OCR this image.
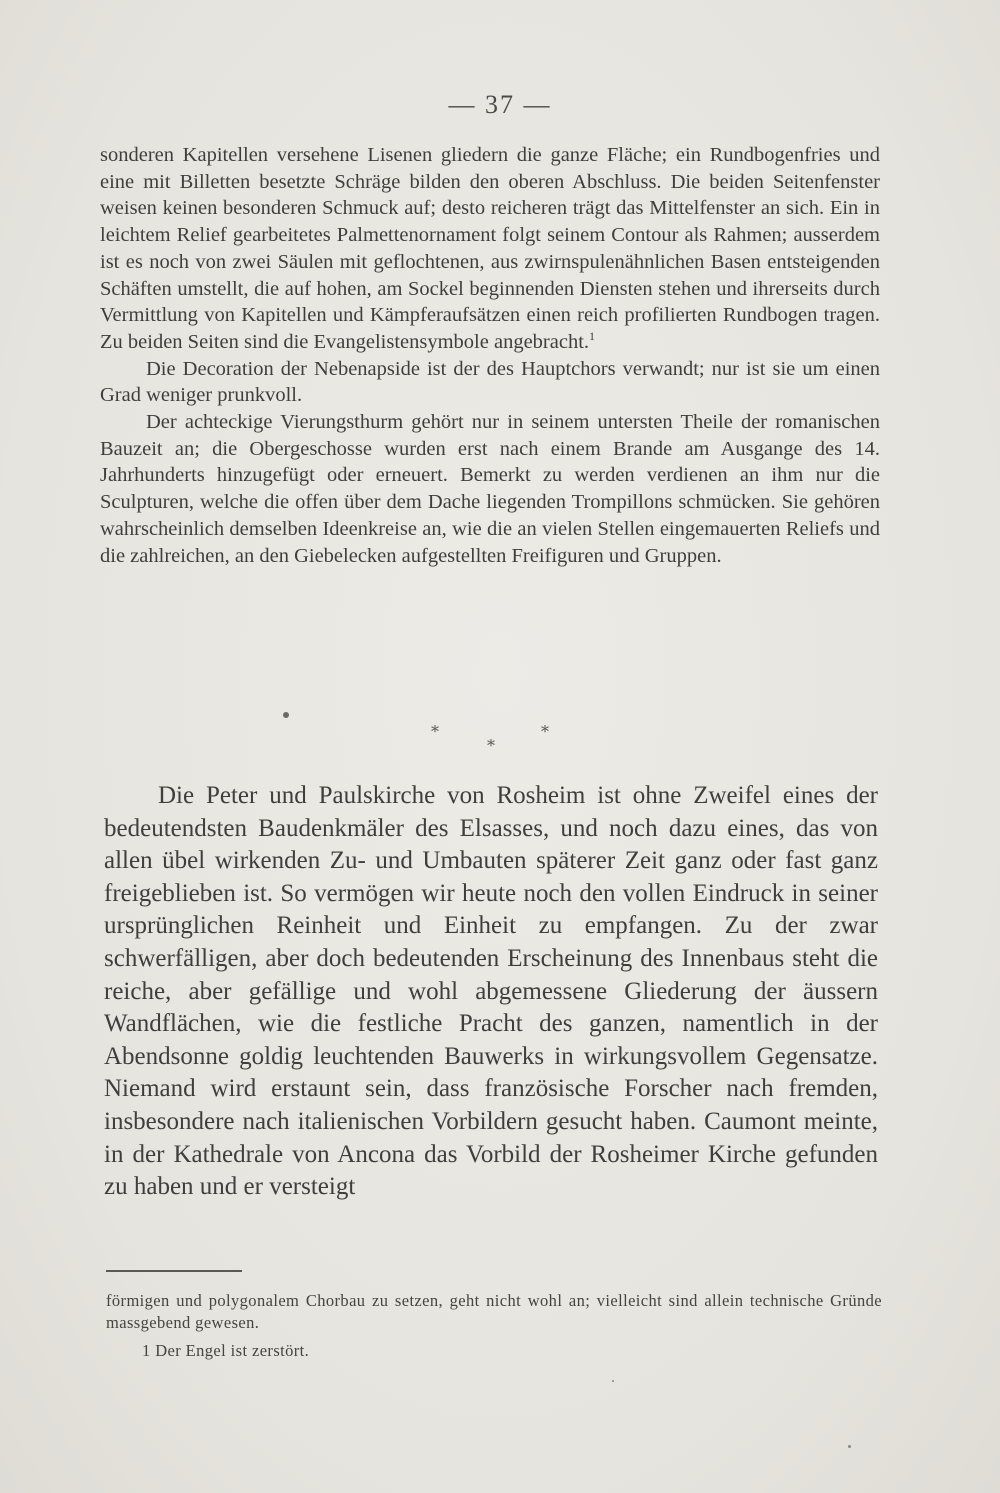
— 37 —

sonderen Kapitellen versehene Lisenen gliedern die ganze Fläche; ein Rundbogenfries und eine mit Billetten besetzte Schräge bilden den oberen Abschluss. Die beiden Seitenfenster weisen keinen besonderen Schmuck auf; desto reicheren trägt das Mittelfenster an sich. Ein in leichtem Relief gearbeitetes Palmettenornament folgt seinem Contour als Rahmen; ausserdem ist es noch von zwei Säulen mit geflochtenen, aus zwirnspulenähnlichen Basen entsteigenden Schäften umstellt, die auf hohen, am Sockel beginnenden Diensten stehen und ihrerseits durch Vermittlung von Kapitellen und Kämpferaufsätzen einen reich profilierten Rundbogen tragen. Zu beiden Seiten sind die Evangelistensymbole angebracht.$^1$

Die Decoration der Nebenapside ist der des Hauptchors verwandt; nur ist sie um einen Grad weniger prunkvoll.

Der achteckige Vierungsthurm gehört nur in seinem untersten Theile der romanischen Bauzeit an; die Obergeschosse wurden erst nach einem Brande am Ausgange des 14. Jahrhunderts hinzugefügt oder erneuert. Bemerkt zu werden verdienen an ihm nur die Sculpturen, welche die offen über dem Dache liegenden Trompillons schmücken. Sie gehören wahrscheinlich demselben Ideenkreise an, wie die an vielen Stellen eingemauerten Reliefs und die zahlreichen, an den Giebelecken aufgestellten Freifiguren und Gruppen.

*
*
*

Die Peter und Paulskirche von Rosheim ist ohne Zweifel eines der bedeutendsten Baudenkmäler des Elsasses, und noch dazu eines, das von allen übel wirkenden Zu- und Umbauten späterer Zeit ganz oder fast ganz freigeblieben ist. So vermögen wir heute noch den vollen Eindruck in seiner ursprünglichen Reinheit und Einheit zu empfangen. Zu der zwar schwerfälligen, aber doch bedeutenden Erscheinung des Innenbaus steht die reiche, aber gefällige und wohl abgemessene Gliederung der äussern Wandflächen, wie die festliche Pracht des ganzen, namentlich in der Abendsonne goldig leuchtenden Bauwerks in wirkungsvollem Gegensatze. Niemand wird erstaunt sein, dass französische Forscher nach fremden, insbesondere nach italienischen Vorbildern gesucht haben. Caumont meinte, in der Kathedrale von Ancona das Vorbild der Rosheimer Kirche gefunden zu haben und er versteigt

förmigen und polygonalem Chorbau zu setzen, geht nicht wohl an; vielleicht sind allein technische Gründe massgebend gewesen.

1 Der Engel ist zerstört.
